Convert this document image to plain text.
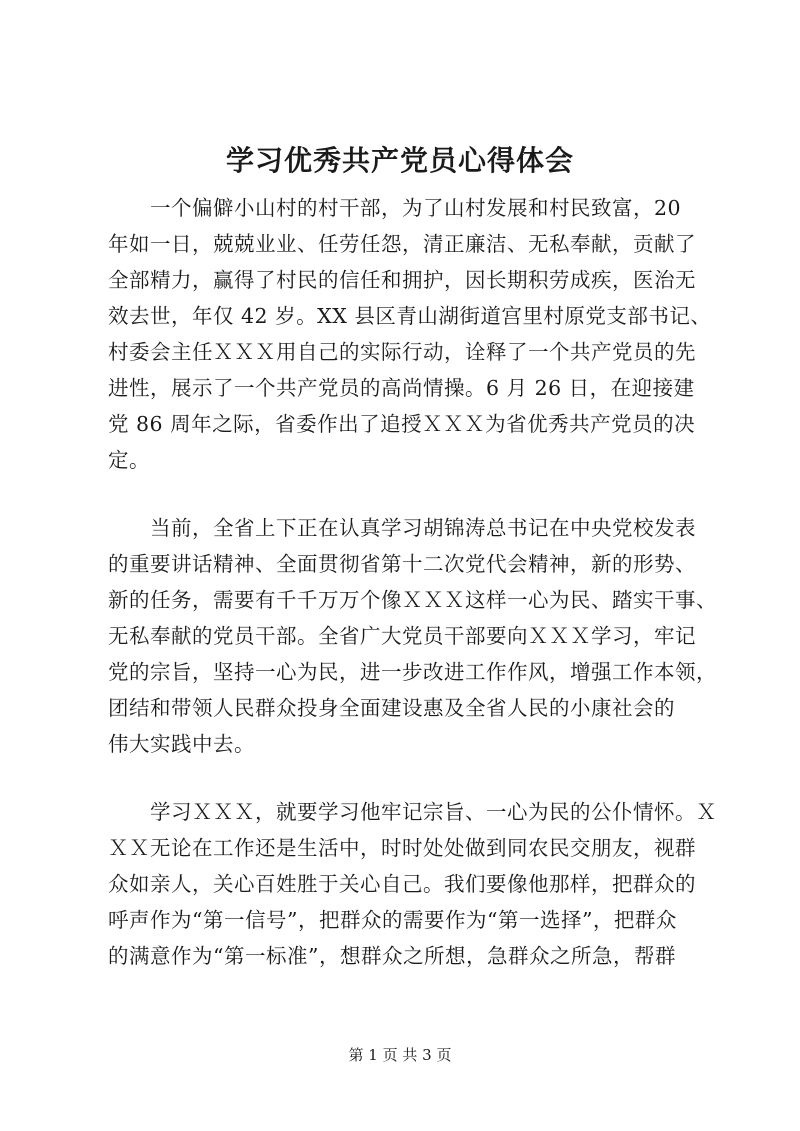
学习优秀共产党员心得体会
一个偏僻小山村的村干部，为了山村发展和村民致富，20
年如一日，兢兢业业、任劳任怨，清正廉洁、无私奉献，贡献了
全部精力，赢得了村民的信任和拥护，因长期积劳成疾，医治无
效去世，年仅 42 岁。XX 县区青山湖街道宫里村原党支部书记、
村委会主任ＸＸＸ用自己的实际行动，诠释了一个共产党员的先
进性，展示了一个共产党员的高尚情操。6 月 26 日，在迎接建
党 86 周年之际，省委作出了追授ＸＸＸ为省优秀共产党员的决
定。
当前，全省上下正在认真学习胡锦涛总书记在中央党校发表
的重要讲话精神、全面贯彻省第十二次党代会精神，新的形势、
新的任务，需要有千千万万个像ＸＸＸ这样一心为民、踏实干事、
无私奉献的党员干部。全省广大党员干部要向ＸＸＸ学习，牢记
党的宗旨，坚持一心为民，进一步改进工作作风，增强工作本领，
团结和带领人民群众投身全面建设惠及全省人民的小康社会的
伟大实践中去。
学习ＸＸＸ，就要学习他牢记宗旨、一心为民的公仆情怀。Ｘ
ＸＸ无论在工作还是生活中，时时处处做到同农民交朋友，视群
众如亲人，关心百姓胜于关心自己。我们要像他那样，把群众的
呼声作为“第一信号”，把群众的需要作为“第一选择”，把群众
的满意作为“第一标准”，想群众之所想，急群众之所急，帮群
第 1 页 共 3 页
